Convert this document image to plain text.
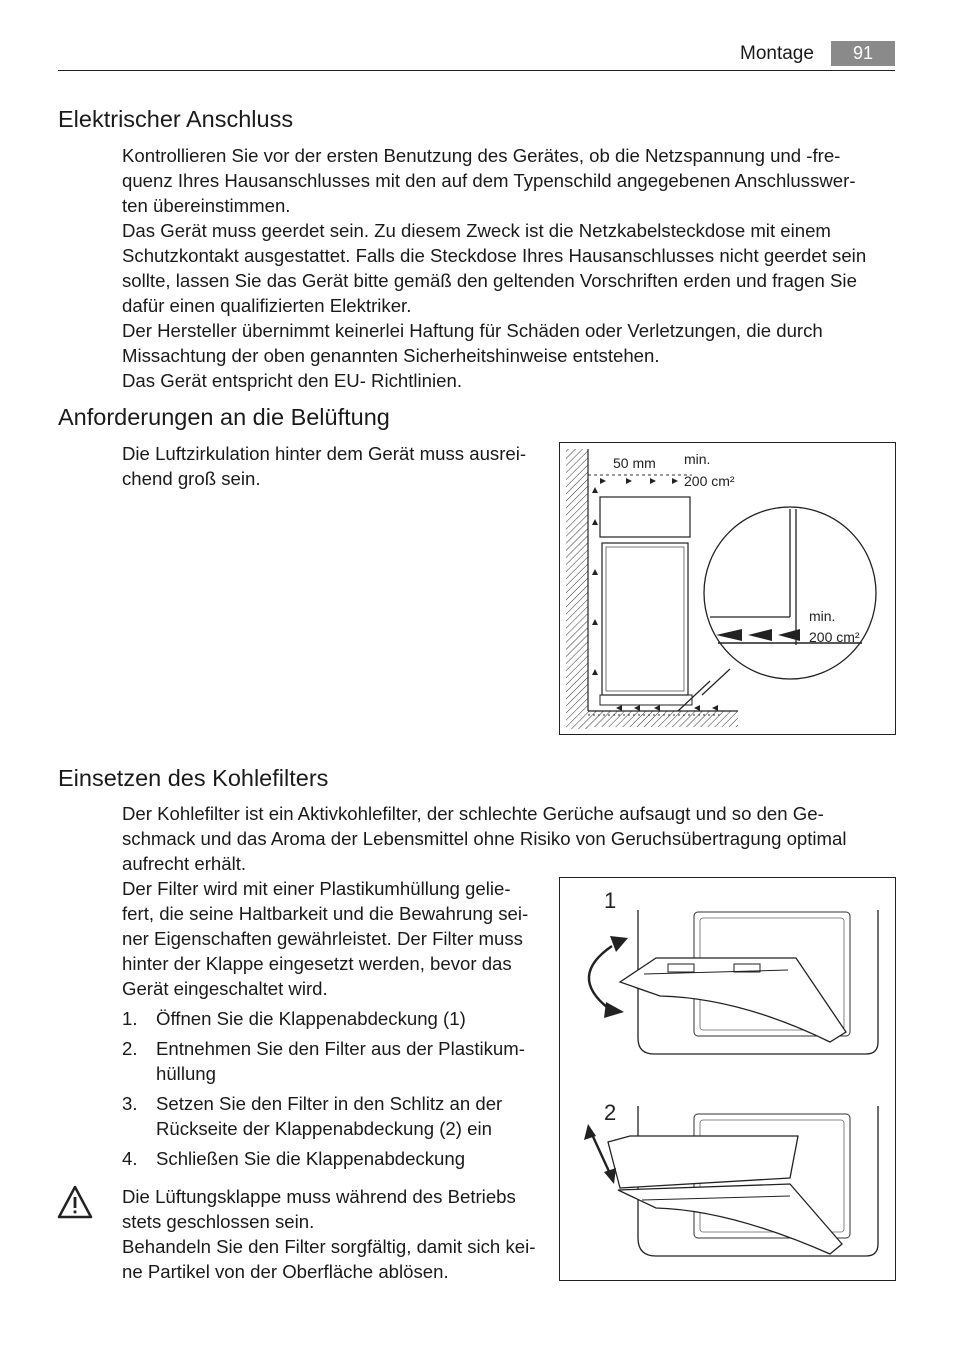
Montage	91
Elektrischer Anschluss
Kontrollieren Sie vor der ersten Benutzung des Gerätes, ob die Netzspannung und -fre-
quenz Ihres Hausanschlusses mit den auf dem Typenschild angegebenen Anschlusswer-
ten übereinstimmen.
Das Gerät muss geerdet sein. Zu diesem Zweck ist die Netzkabelsteckdose mit einem
Schutzkontakt ausgestattet. Falls die Steckdose Ihres Hausanschlusses nicht geerdet sein
sollte, lassen Sie das Gerät bitte gemäß den geltenden Vorschriften erden und fragen Sie
dafür einen qualifizierten Elektriker.
Der Hersteller übernimmt keinerlei Haftung für Schäden oder Verletzungen, die durch
Missachtung der oben genannten Sicherheitshinweise entstehen.
Das Gerät entspricht den EU- Richtlinien.
Anforderungen an die Belüftung
Die Luftzirkulation hinter dem Gerät muss ausrei-
chend groß sein.
50 mm min.
200 cm²
min.
200 cm²
Einsetzen des Kohlefilters
Der Kohlefilter ist ein Aktivkohlefilter, der schlechte Gerüche aufsaugt und so den Ge-
schmack und das Aroma der Lebensmittel ohne Risiko von Geruchsübertragung optimal
aufrecht erhält.
Der Filter wird mit einer Plastikumhüllung gelie-
fert, die seine Haltbarkeit und die Bewahrung sei-
ner Eigenschaften gewährleistet. Der Filter muss
hinter der Klappe eingesetzt werden, bevor das
Gerät eingeschaltet wird.
1. Öffnen Sie die Klappenabdeckung (1)
2. Entnehmen Sie den Filter aus der Plastikum-
hüllung
3. Setzen Sie den Filter in den Schlitz an der
Rückseite der Klappenabdeckung (2) ein
4. Schließen Sie die Klappenabdeckung
Die Lüftungsklappe muss während des Betriebs
stets geschlossen sein.
Behandeln Sie den Filter sorgfältig, damit sich kei-
ne Partikel von der Oberfläche ablösen.
1
2
